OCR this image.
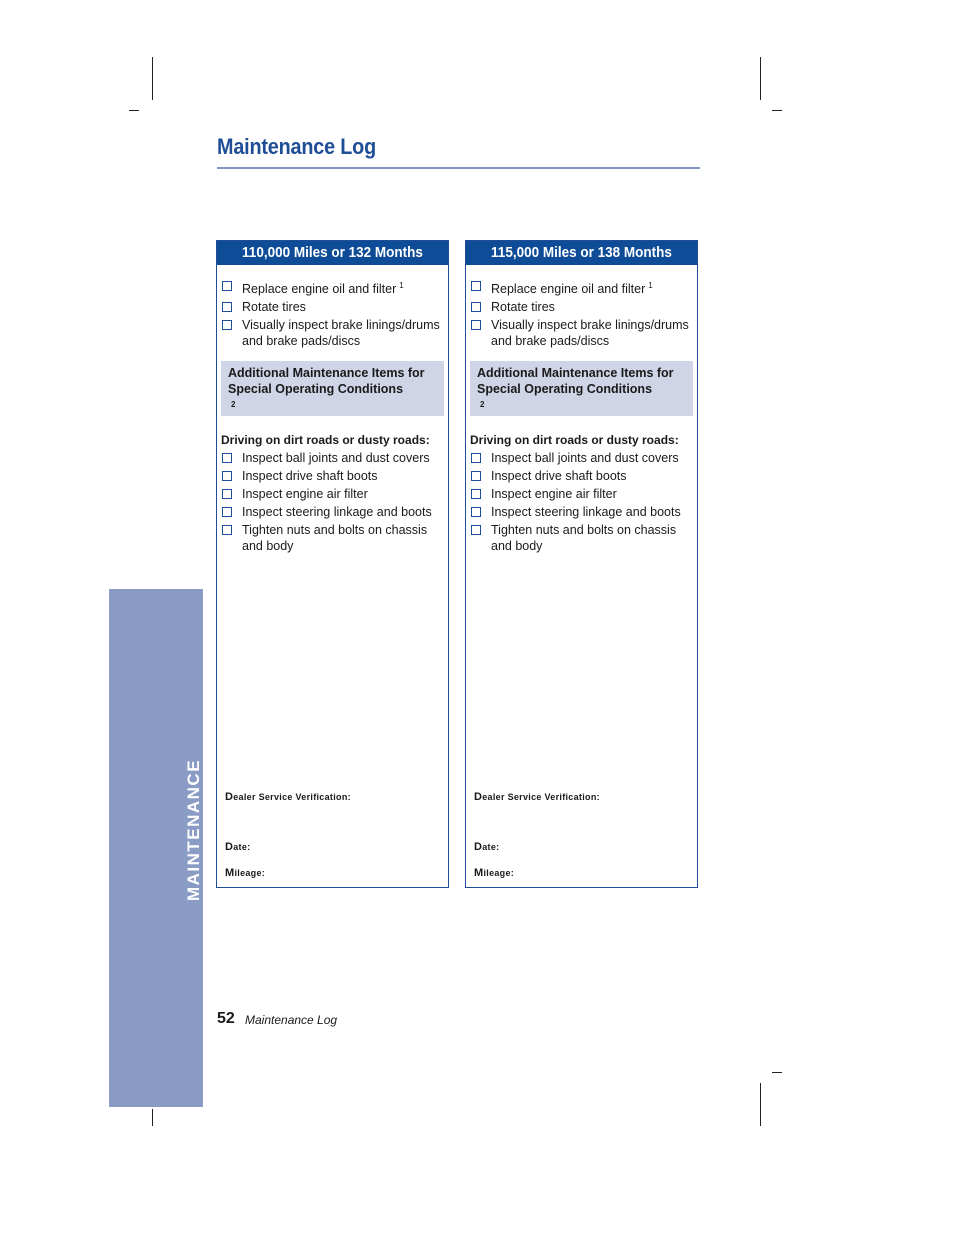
MAINTENANCE
Maintenance Log
110,000 Miles or 132 Months
Replace engine oil and filter $^1$
Rotate tires
Visually inspect brake linings/drums and brake pads/discs
Additional Maintenance Items for
Special Operating Conditions
2
Driving on dirt roads or dusty roads:
Inspect ball joints and dust covers
Inspect drive shaft boots
Inspect engine air filter
Inspect steering linkage and boots
Tighten nuts and bolts on chassis and body
Dealer Service Verification:
Date:
Mileage:
115,000 Miles or 138 Months
Replace engine oil and filter $^1$
Rotate tires
Visually inspect brake linings/drums and brake pads/discs
Additional Maintenance Items for
Special Operating Conditions
2
Driving on dirt roads or dusty roads:
Inspect ball joints and dust covers
Inspect drive shaft boots
Inspect engine air filter
Inspect steering linkage and boots
Tighten nuts and bolts on chassis and body
Dealer Service Verification:
Date:
Mileage:
52 Maintenance Log
